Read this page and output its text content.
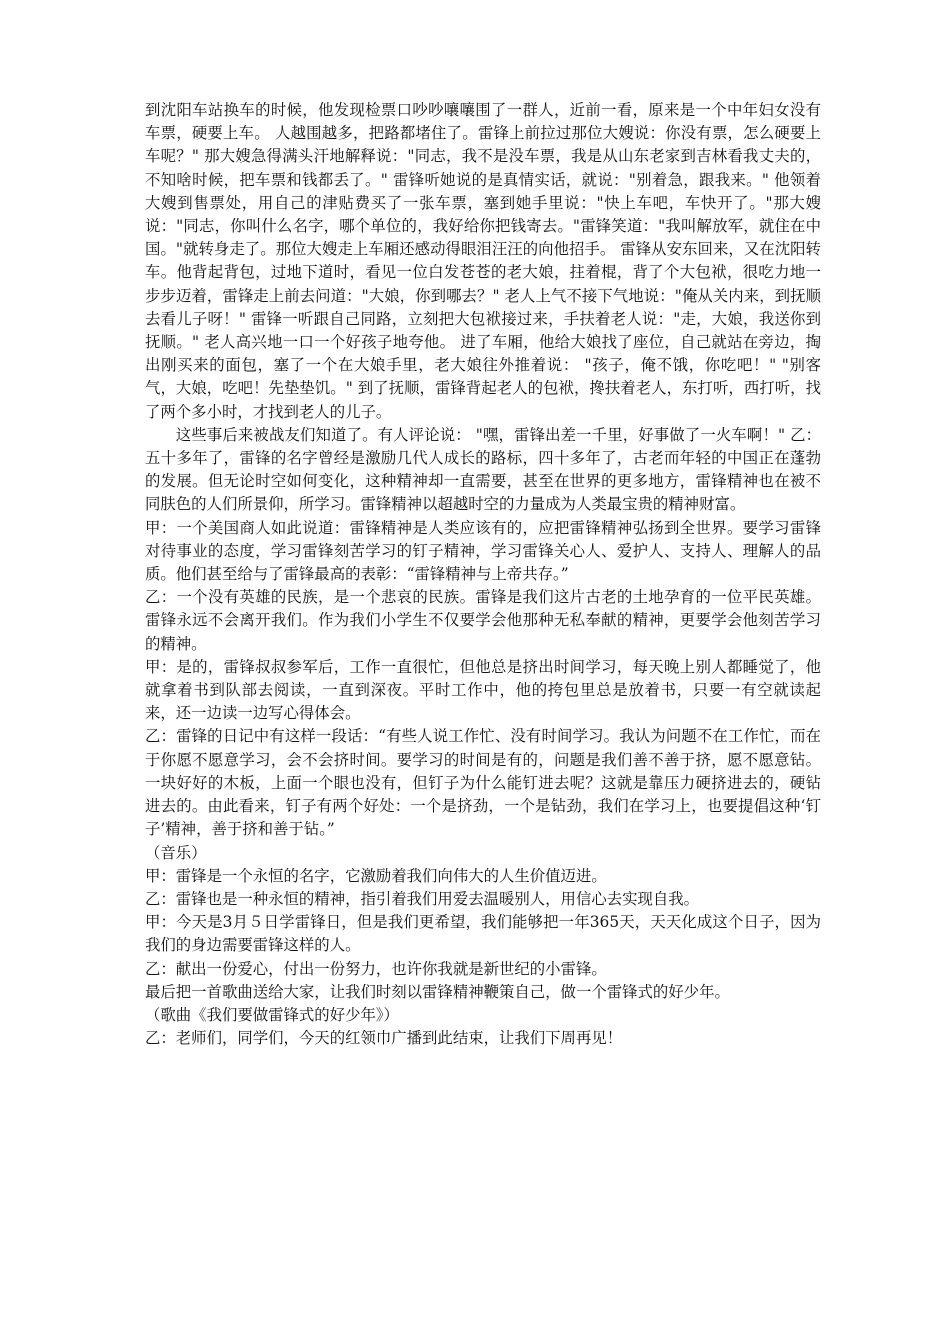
到沈阳车站换车的时候，他发现检票口吵吵嚷嚷围了一群人，近前一看，原来是一个中年妇女没有车票，硬要上车。 人越围越多，把路都堵住了。雷锋上前拉过那位大嫂说：你没有票，怎么硬要上车呢？" 那大嫂急得满头汗地解释说："同志，我不是没车票，我是从山东老家到吉林看我丈夫的，不知啥时候，把车票和钱都丢了。" 雷锋听她说的是真情实话，就说："别着急，跟我来。" 他领着大嫂到售票处，用自己的津贴费买了一张车票，塞到她手里说："快上车吧，车快开了。"那大嫂说："同志，你叫什么名字，哪个单位的，我好给你把钱寄去。"雷锋笑道："我叫解放军，就住在中国。"就转身走了。那位大嫂走上车厢还感动得眼泪汪汪的向他招手。 雷锋从安东回来，又在沈阳转车。他背起背包，过地下道时，看见一位白发苍苍的老大娘，拄着棍，背了个大包袱，很吃力地一步步迈着，雷锋走上前去问道："大娘，你到哪去？" 老人上气不接下气地说："俺从关内来，到抚顺去看儿子呀！" 雷锋一听跟自己同路，立刻把大包袱接过来，手扶着老人说："走，大娘，我送你到抚顺。" 老人高兴地一口一个好孩子地夸他。 进了车厢，他给大娘找了座位，自己就站在旁边，掏出刚买来的面包，塞了一个在大娘手里，老大娘往外推着说： "孩子，俺不饿，你吃吧！" "别客气，大娘，吃吧！先垫垫饥。" 到了抚顺，雷锋背起老人的包袱，搀扶着老人，东打听，西打听，找了两个多小时，才找到老人的儿子。

这些事后来被战友们知道了。有人评论说： "嘿，雷锋出差一千里，好事做了一火车啊！" 乙：五十多年了，雷锋的名字曾经是激励几代人成长的路标，四十多年了，古老而年轻的中国正在蓬勃的发展。但无论时空如何变化，这种精神却一直需要，甚至在世界的更多地方，雷锋精神也在被不同肤色的人们所景仰，所学习。雷锋精神以超越时空的力量成为人类最宝贵的精神财富。

甲：一个美国商人如此说道：雷锋精神是人类应该有的，应把雷锋精神弘扬到全世界。要学习雷锋对待事业的态度，学习雷锋刻苦学习的钉子精神，学习雷锋关心人、爱护人、支持人、理解人的品质。他们甚至给与了雷锋最高的表彰：“雷锋精神与上帝共存。”

乙：一个没有英雄的民族，是一个悲哀的民族。雷锋是我们这片古老的土地孕育的一位平民英雄。雷锋永远不会离开我们。作为我们小学生不仅要学会他那种无私奉献的精神，更要学会他刻苦学习的精神。

甲：是的，雷锋叔叔参军后，工作一直很忙，但他总是挤出时间学习，每天晚上别人都睡觉了，他就拿着书到队部去阅读，一直到深夜。平时工作中，他的挎包里总是放着书，只要一有空就读起来，还一边读一边写心得体会。

乙：雷锋的日记中有这样一段话：“有些人说工作忙、没有时间学习。我认为问题不在工作忙，而在于你愿不愿意学习，会不会挤时间。要学习的时间是有的，问题是我们善不善于挤，愿不愿意钻。一块好好的木板，上面一个眼也没有，但钉子为什么能钉进去呢？这就是靠压力硬挤进去的，硬钻进去的。由此看来，钉子有两个好处：一个是挤劲，一个是钻劲，我们在学习上，也要提倡这种‘钉子’精神，善于挤和善于钻。”

（音乐）

甲：雷锋是一个永恒的名字，它激励着我们向伟大的人生价值迈进。

乙：雷锋也是一种永恒的精神，指引着我们用爱去温暖别人，用信心去实现自我。

甲：今天是3月５日学雷锋日，但是我们更希望，我们能够把一年365天，天天化成这个日子，因为我们的身边需要雷锋这样的人。

乙：献出一份爱心，付出一份努力，也许你我就是新世纪的小雷锋。

最后把一首歌曲送给大家，让我们时刻以雷锋精神鞭策自己，做一个雷锋式的好少年。

（歌曲《我们要做雷锋式的好少年》）

乙：老师们，同学们，今天的红领巾广播到此结束，让我们下周再见！
